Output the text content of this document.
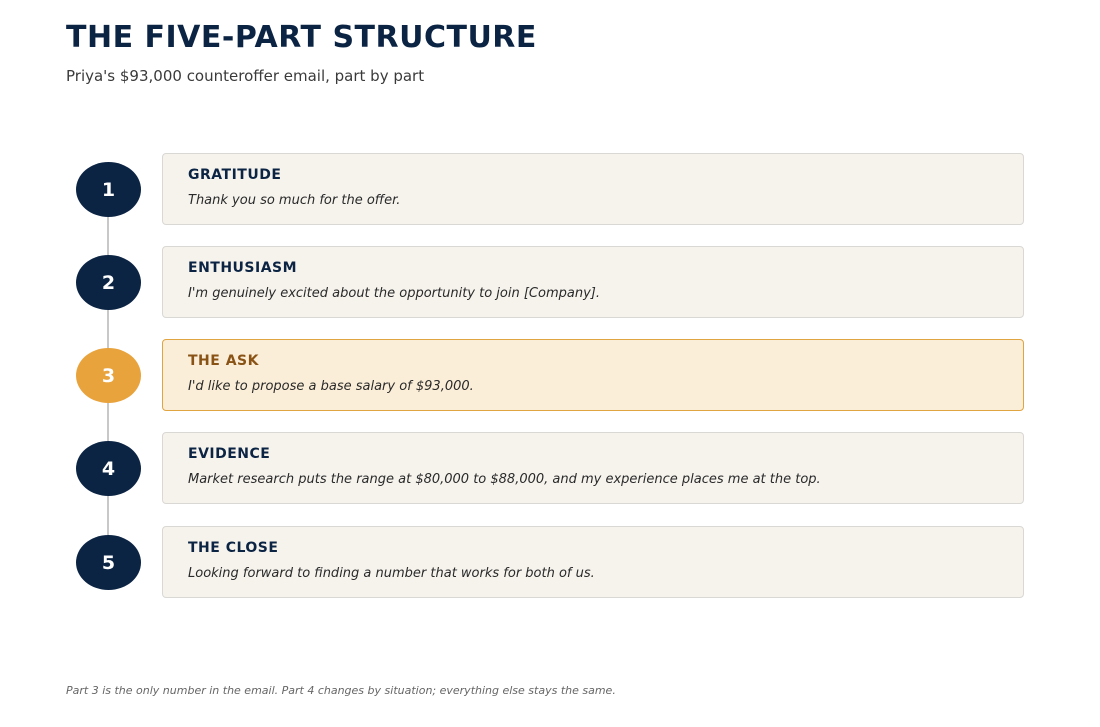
THE FIVE-PART STRUCTURE
Priya's $93,000 counteroffer email, part by part
1
GRATITUDE
Thank you so much for the offer.
2
ENTHUSIASM
I'm genuinely excited about the opportunity to join [Company].
3
THE ASK
I'd like to propose a base salary of $93,000.
4
EVIDENCE
Market research puts the range at $80,000 to $88,000, and my experience places me at the top.
5
THE CLOSE
Looking forward to finding a number that works for both of us.
Part 3 is the only number in the email. Part 4 changes by situation; everything else stays the same.
